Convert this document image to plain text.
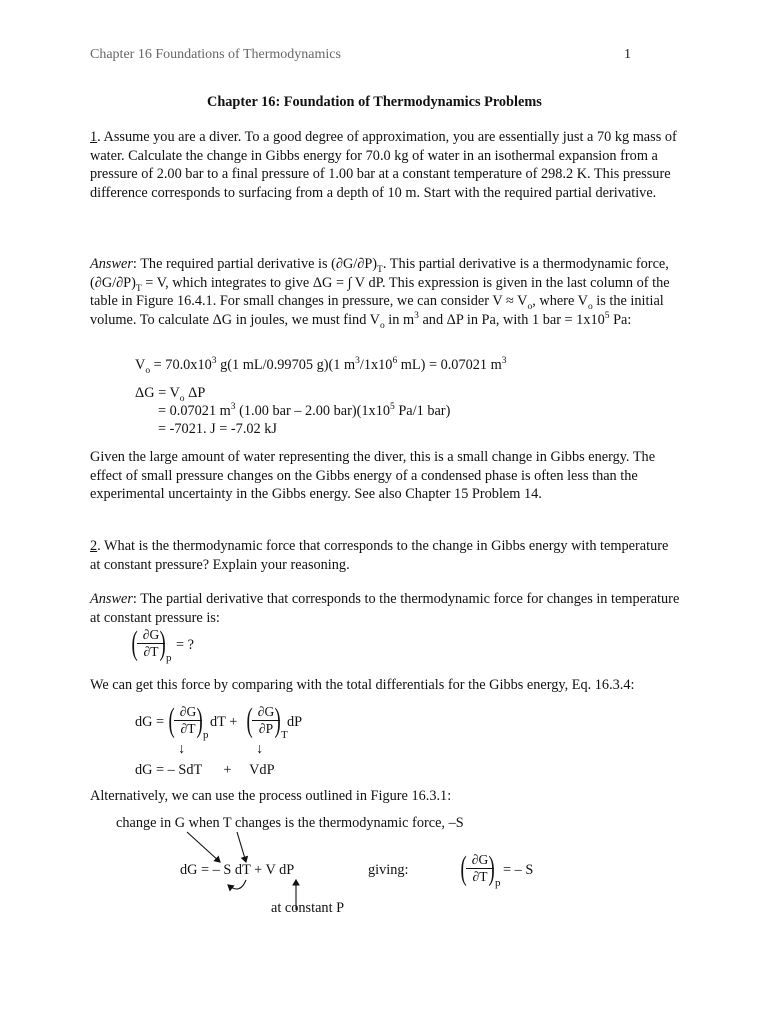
Chapter 16 Foundations of Thermodynamics	1
Chapter 16: Foundation of Thermodynamics Problems

1. Assume you are a diver. To a good degree of approximation, you are essentially just a 70 kg mass of water. Calculate the change in Gibbs energy for 70.0 kg of water in an isothermal expansion from a pressure of 2.00 bar to a final pressure of 1.00 bar at a constant temperature of 298.2 K. This pressure difference corresponds to surfacing from a depth of 10 m. Start with the required partial derivative.

Answer: The required partial derivative is $(\partial G/\partial P)_T$. This partial derivative is a thermodynamic force, $(\partial G/\partial P)_T = V$, which integrates to give ΔG = ∫ V dP. This expression is given in the last column of the table in Figure 16.4.1. For small changes in pressure, we can consider $V \approx V_o$, where $V_o$ is the initial volume. To calculate ΔG in joules, we must find $V_o$ in $m^3$ and ΔP in Pa, with 1 bar = $1x10^5$ Pa:

$V_o = 70.0x10^3$ g(1 mL/0.99705 g)(1 $m^3/1x10^6$ mL) = 0.07021 $m^3$
$\Delta G = V_o$ ΔP
= 0.07021 $m^3$ (1.00 bar – 2.00 $bar)(1x10^5$ Pa/1 bar)
= -7021. J = -7.02 kJ

Given the large amount of water representing the diver, this is a small change in Gibbs energy. The effect of small pressure changes on the Gibbs energy of a condensed phase is often less than the experimental uncertainty in the Gibbs energy. See also Chapter 15 Problem 14.

2. What is the thermodynamic force that corresponds to the change in Gibbs energy with temperature at constant pressure? Explain your reasoning.

Answer: The partial derivative that corresponds to the thermodynamic force for changes in temperature at constant pressure is:

( ∂G
∂T ) p
= ?

We can get this force by comparing with the total differentials for the Gibbs energy, Eq. 16.3.4:

dG = ( ∂G
∂T ) p
dT + ( ∂G
∂P ) T
dP
↓	↓
dG = – SdT      +     VdP

Alternatively, we can use the process outlined in Figure 16.3.1:

change in G when T changes is the thermodynamic force, –S
dG = – S dT + V dP	giving: ( ∂G
∂T ) p
= – S
at constant P
